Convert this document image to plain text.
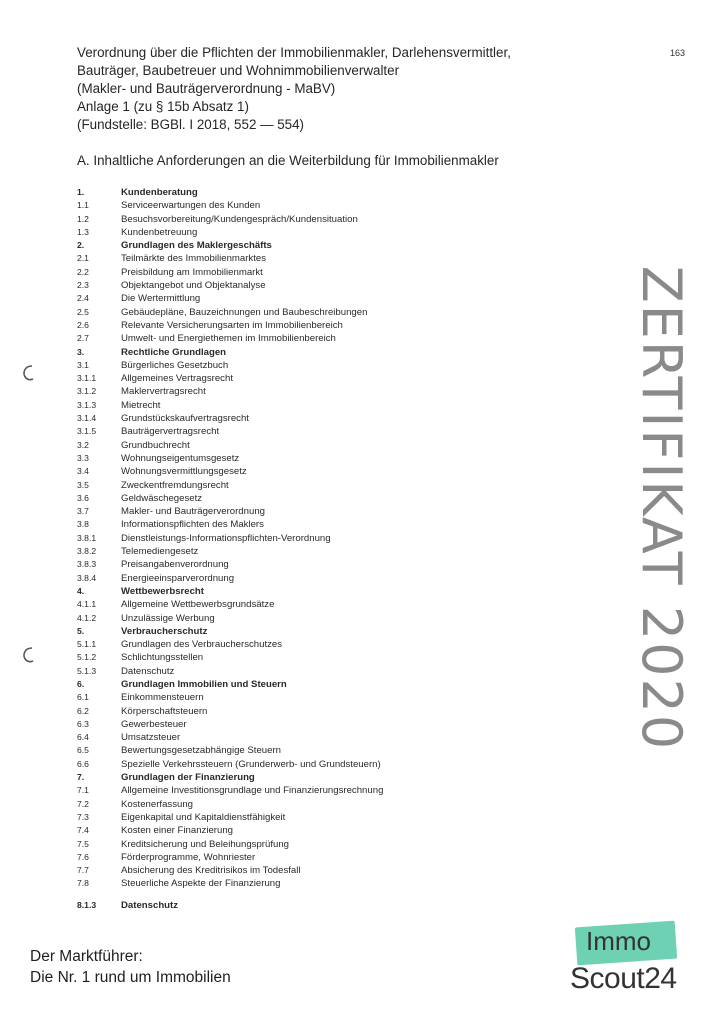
163
Verordnung über die Pflichten der Immobilienmakler, Darlehensvermittler,
Bauträger, Baubetreuer und Wohnimmobilienverwalter
(Makler- und Bauträgerverordnung - MaBV)
Anlage 1 (zu § 15b Absatz 1)
(Fundstelle: BGBl. I 2018, 552 — 554)
A. Inhaltliche Anforderungen an die Weiterbildung für Immobilienmakler
1.	Kundenberatung
1.1	Serviceerwartungen des Kunden
1.2	Besuchsvorbereitung/Kundengespräch/Kundensituation
1.3	Kundenbetreuung
2.	Grundlagen des Maklergeschäfts
2.1	Teilmärkte des Immobilienmarktes
2.2	Preisbildung am Immobilienmarkt
2.3	Objektangebot und Objektanalyse
2.4	Die Wertermittlung
2.5	Gebäudepläne, Bauzeichnungen und Baubeschreibungen
2.6	Relevante Versicherungsarten im Immobilienbereich
2.7	Umwelt- und Energiethemen im Immobilienbereich
3.	Rechtliche Grundlagen
3.1	Bürgerliches Gesetzbuch
3.1.1	Allgemeines Vertragsrecht
3.1.2	Maklervertragsrecht
3.1.3	Mietrecht
3.1.4	Grundstückskaufvertragsrecht
3.1.5	Bauträgervertragsrecht
3.2	Grundbuchrecht
3.3	Wohnungseigentumsgesetz
3.4	Wohnungsvermittlungsgesetz
3.5	Zweckentfremdungsrecht
3.6	Geldwäschegesetz
3.7	Makler- und Bauträgerverordnung
3.8	Informationspflichten des Maklers
3.8.1	Dienstleistungs-Informationspflichten-Verordnung
3.8.2	Telemediengesetz
3.8.3	Preisangabenverordnung
3.8.4	Energieeinsparverordnung
4.	Wettbewerbsrecht
4.1.1	Allgemeine Wettbewerbsgrundsätze
4.1.2	Unzulässige Werbung
5.	Verbraucherschutz
5.1.1	Grundlagen des Verbraucherschutzes
5.1.2	Schlichtungsstellen
5.1.3	Datenschutz
6.	Grundlagen Immobilien und Steuern
6.1	Einkommensteuern
6.2	Körperschaftsteuern
6.3	Gewerbesteuer
6.4	Umsatzsteuer
6.5	Bewertungsgesetzabhängige Steuern
6.6	Spezielle Verkehrssteuern (Grunderwerb- und Grundsteuern)
7.	Grundlagen der Finanzierung
7.1	Allgemeine Investitionsgrundlage und Finanzierungsrechnung
7.2	Kostenerfassung
7.3	Eigenkapital und Kapitaldienstfähigkeit
7.4	Kosten einer Finanzierung
7.5	Kreditsicherung und Beleihungsprüfung
7.6	Förderprogramme, Wohnriester
7.7	Absicherung des Kreditrisikos im Todesfall
7.8	Steuerliche Aspekte der Finanzierung
8.1.3	Datenschutz
ZERTIFIKAT 2020
Der Marktführer:
Die Nr. 1 rund um Immobilien
Immo
Scout24
